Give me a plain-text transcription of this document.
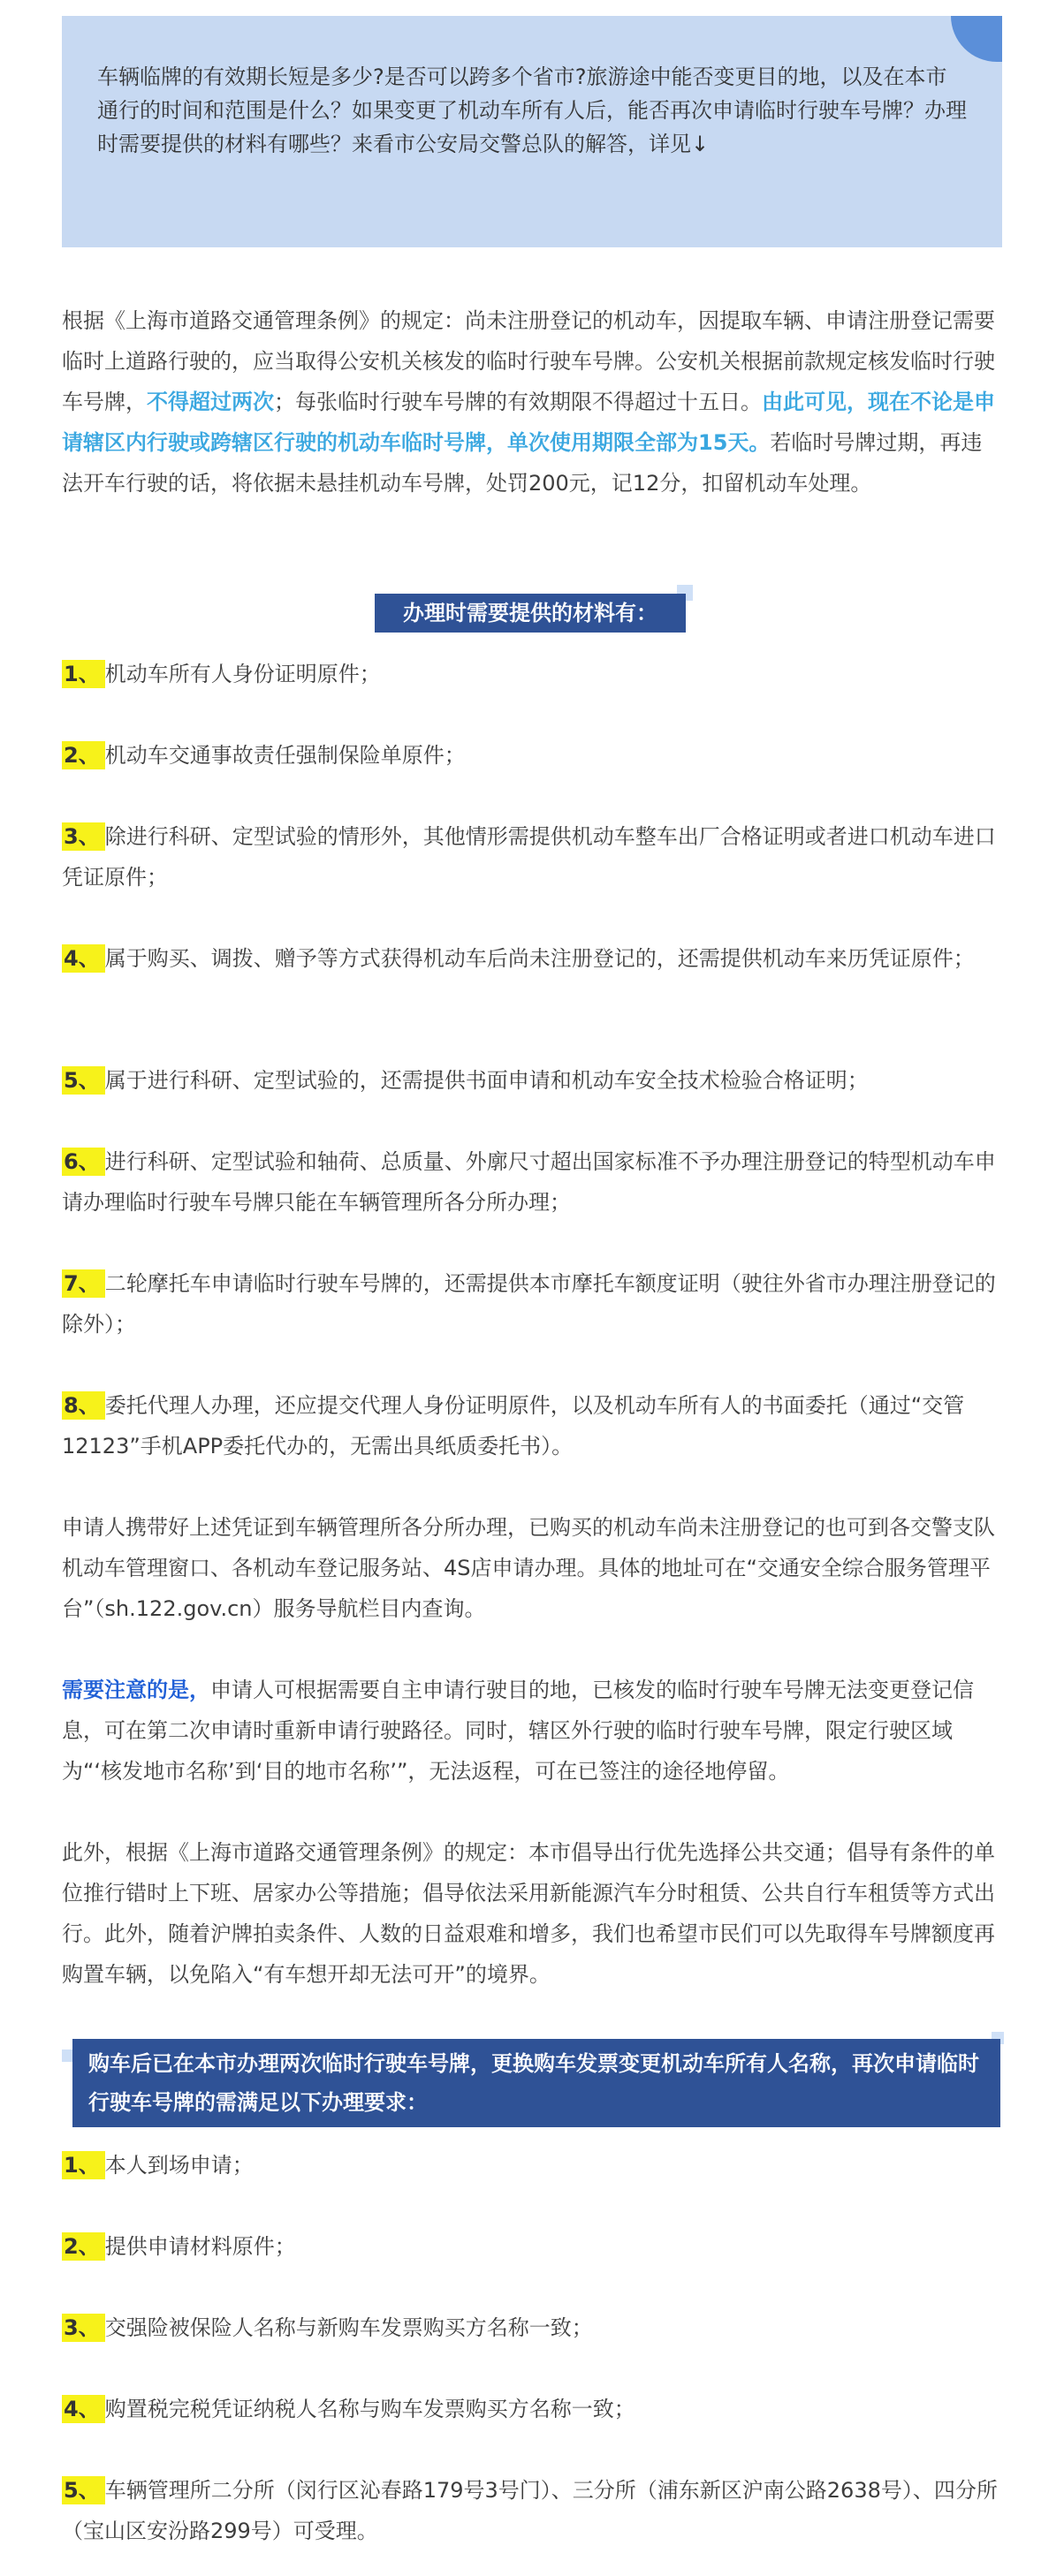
车辆临牌的有效期长短是多少?是否可以跨多个省市?旅游途中能否变更目的地，以及在本市通行的时间和范围是什么？如果变更了机动车所有人后，能否再次申请临时行驶车号牌？办理时需要提供的材料有哪些？来看市公安局交警总队的解答，详见↓
根据《上海市道路交通管理条例》的规定：尚未注册登记的机动车，因提取车辆、申请注册登记需要临时上道路行驶的，应当取得公安机关核发的临时行驶车号牌。公安机关根据前款规定核发临时行驶车号牌，不得超过两次；每张临时行驶车号牌的有效期限不得超过十五日。由此可见，现在不论是申请辖区内行驶或跨辖区行驶的机动车临时号牌，单次使用期限全部为15天。若临时号牌过期，再违法开车行驶的话，将依据未悬挂机动车号牌，处罚200元，记12分，扣留机动车处理。
办理时需要提供的材料有：
1、 机动车所有人身份证明原件；
2、 机动车交通事故责任强制保险单原件；
3、 除进行科研、定型试验的情形外，其他情形需提供机动车整车出厂合格证明或者进口机动车进口凭证原件；
4、 属于购买、调拨、赠予等方式获得机动车后尚未注册登记的，还需提供机动车来历凭证原件；
5、 属于进行科研、定型试验的，还需提供书面申请和机动车安全技术检验合格证明；
6、 进行科研、定型试验和轴荷、总质量、外廓尺寸超出国家标准不予办理注册登记的特型机动车申请办理临时行驶车号牌只能在车辆管理所各分所办理；
7、 二轮摩托车申请临时行驶车号牌的，还需提供本市摩托车额度证明（驶往外省市办理注册登记的除外）；
8、 委托代理人办理，还应提交代理人身份证明原件，以及机动车所有人的书面委托（通过“交管12123”手机APP委托代办的，无需出具纸质委托书）。
申请人携带好上述凭证到车辆管理所各分所办理，已购买的机动车尚未注册登记的也可到各交警支队机动车管理窗口、各机动车登记服务站、4S店申请办理。具体的地址可在“交通安全综合服务管理平台”（sh.122.gov.cn）服务导航栏目内查询。
需要注意的是，申请人可根据需要自主申请行驶目的地，已核发的临时行驶车号牌无法变更登记信息，可在第二次申请时重新申请行驶路径。同时，辖区外行驶的临时行驶车号牌，限定行驶区域为“‘核发地市名称’到‘目的地市名称’”，无法返程，可在已签注的途径地停留。
此外，根据《上海市道路交通管理条例》的规定：本市倡导出行优先选择公共交通；倡导有条件的单位推行错时上下班、居家办公等措施；倡导依法采用新能源汽车分时租赁、公共自行车租赁等方式出行。此外，随着沪牌拍卖条件、人数的日益艰难和增多，我们也希望市民们可以先取得车号牌额度再购置车辆，以免陷入“有车想开却无法可开”的境界。
购车后已在本市办理两次临时行驶车号牌，更换购车发票变更机动车所有人名称，再次申请临时行驶车号牌的需满足以下办理要求：
1、 本人到场申请；
2、 提供申请材料原件；
3、 交强险被保险人名称与新购车发票购买方名称一致；
4、 购置税完税凭证纳税人名称与购车发票购买方名称一致；
5、 车辆管理所二分所（闵行区沁春路179号3号门）、三分所（浦东新区沪南公路2638号）、四分所（宝山区安汾路299号）可受理。
